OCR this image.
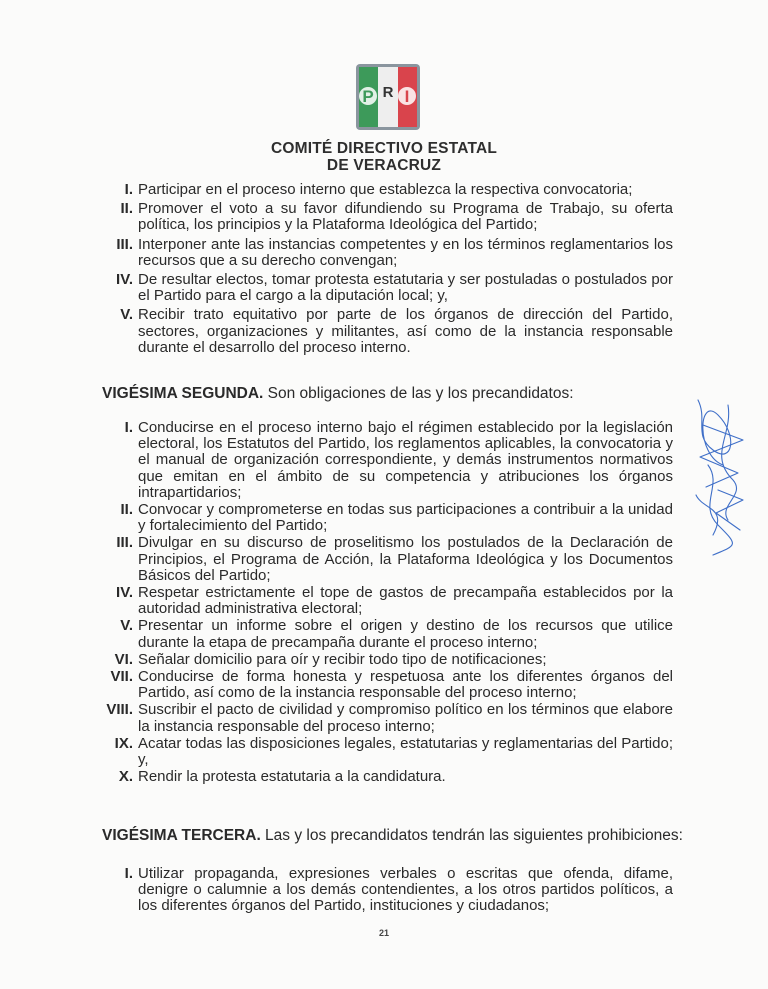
P R I
COMITÉ DIRECTIVO ESTATAL
DE VERACRUZ
I. Participar en el proceso interno que establezca la respectiva convocatoria;
II. Promover el voto a su favor difundiendo su Programa de Trabajo, su oferta política, los principios y la Plataforma Ideológica del Partido;
III. Interponer ante las instancias competentes y en los términos reglamentarios los recursos que a su derecho convengan;
IV. De resultar electos, tomar protesta estatutaria y ser postuladas o postulados por el Partido para el cargo a la diputación local; y,
V. Recibir trato equitativo por parte de los órganos de dirección del Partido, sectores, organizaciones y militantes, así como de la instancia responsable durante el desarrollo del proceso interno.
VIGÉSIMA SEGUNDA. Son obligaciones de las y los precandidatos:
I. Conducirse en el proceso interno bajo el régimen establecido por la legislación electoral, los Estatutos del Partido, los reglamentos aplicables, la convocatoria y el manual de organización correspondiente, y demás instrumentos normativos que emitan en el ámbito de su competencia y atribuciones los órganos intrapartidarios;
II. Convocar y comprometerse en todas sus participaciones a contribuir a la unidad y fortalecimiento del Partido;
III. Divulgar en su discurso de proselitismo los postulados de la Declaración de Principios, el Programa de Acción, la Plataforma Ideológica y los Documentos Básicos del Partido;
IV. Respetar estrictamente el tope de gastos de precampaña establecidos por la autoridad administrativa electoral;
V. Presentar un informe sobre el origen y destino de los recursos que utilice durante la etapa de precampaña durante el proceso interno;
VI. Señalar domicilio para oír y recibir todo tipo de notificaciones;
VII. Conducirse de forma honesta y respetuosa ante los diferentes órganos del Partido, así como de la instancia responsable del proceso interno;
VIII. Suscribir el pacto de civilidad y compromiso político en los términos que elabore la instancia responsable del proceso interno;
IX. Acatar todas las disposiciones legales, estatutarias y reglamentarias del Partido; y,
X. Rendir la protesta estatutaria a la candidatura.
VIGÉSIMA TERCERA. Las y los precandidatos tendrán las siguientes prohibiciones:
I. Utilizar propaganda, expresiones verbales o escritas que ofenda, difame, denigre o calumnie a los demás contendientes, a los otros partidos políticos, a los diferentes órganos del Partido, instituciones y ciudadanos;
21
